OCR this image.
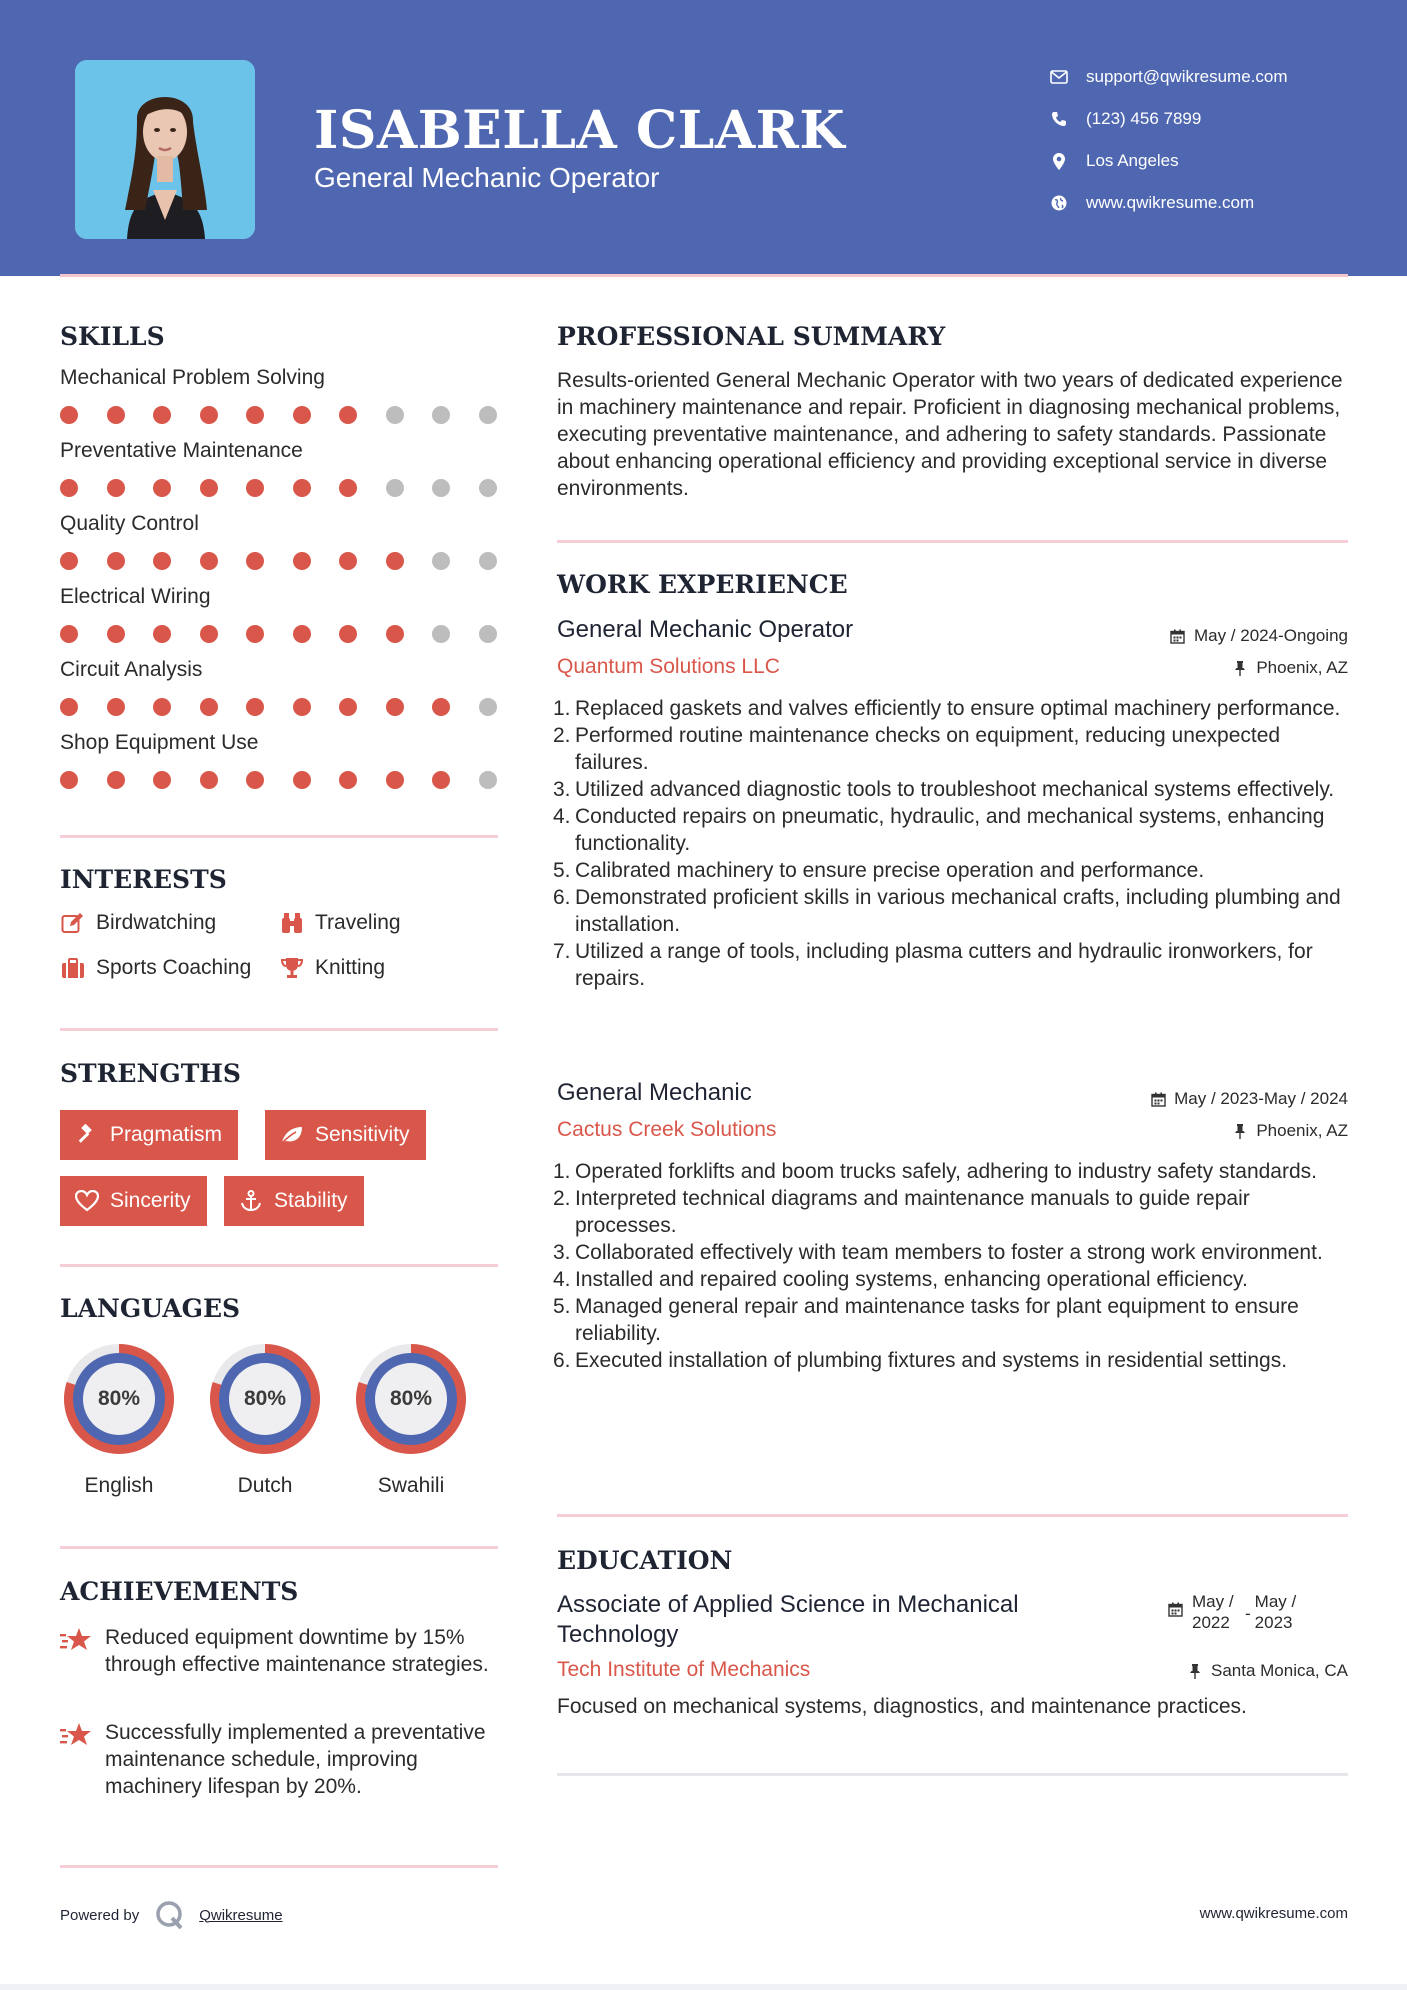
ISABELLA CLARK
General Mechanic Operator
support@qwikresume.com
(123) 456 7899
Los Angeles
www.qwikresume.com
SKILLS
Mechanical Problem Solving
Preventative Maintenance
Quality Control
Electrical Wiring
Circuit Analysis
Shop Equipment Use
INTERESTS
Birdwatching	Traveling
Sports Coaching	Knitting
STRENGTHS
Pragmatism	Sensitivity
Sincerity	Stability
LANGUAGES
80%
English
80%
Dutch
80%
Swahili
ACHIEVEMENTS
Reduced equipment downtime by 15% through effective maintenance strategies.
Successfully implemented a preventative maintenance schedule, improving machinery lifespan by 20%.
PROFESSIONAL SUMMARY
Results-oriented General Mechanic Operator with two years of dedicated experience in machinery maintenance and repair. Proficient in diagnosing mechanical problems, executing preventative maintenance, and adhering to safety standards. Passionate about enhancing operational efficiency and providing exceptional service in diverse environments.
WORK EXPERIENCE
General Mechanic Operator	May / 2024-Ongoing
Quantum Solutions LLC	Phoenix, AZ
1. Replaced gaskets and valves efficiently to ensure optimal machinery performance.
2. Performed routine maintenance checks on equipment, reducing unexpected failures.
3. Utilized advanced diagnostic tools to troubleshoot mechanical systems effectively.
4. Conducted repairs on pneumatic, hydraulic, and mechanical systems, enhancing functionality.
5. Calibrated machinery to ensure precise operation and performance.
6. Demonstrated proficient skills in various mechanical crafts, including plumbing and installation.
7. Utilized a range of tools, including plasma cutters and hydraulic ironworkers, for repairs.
General Mechanic	May / 2023-May / 2024
Cactus Creek Solutions	Phoenix, AZ
1. Operated forklifts and boom trucks safely, adhering to industry safety standards.
2. Interpreted technical diagrams and maintenance manuals to guide repair processes.
3. Collaborated effectively with team members to foster a strong work environment.
4. Installed and repaired cooling systems, enhancing operational efficiency.
5. Managed general repair and maintenance tasks for plant equipment to ensure reliability.
6. Executed installation of plumbing fixtures and systems in residential settings.
EDUCATION
Associate of Applied Science in Mechanical Technology
May / 2022 -
May / 2023
Tech Institute of Mechanics	Santa Monica, CA
Focused on mechanical systems, diagnostics, and maintenance practices.
Powered by	Qwikresume	www.qwikresume.com
